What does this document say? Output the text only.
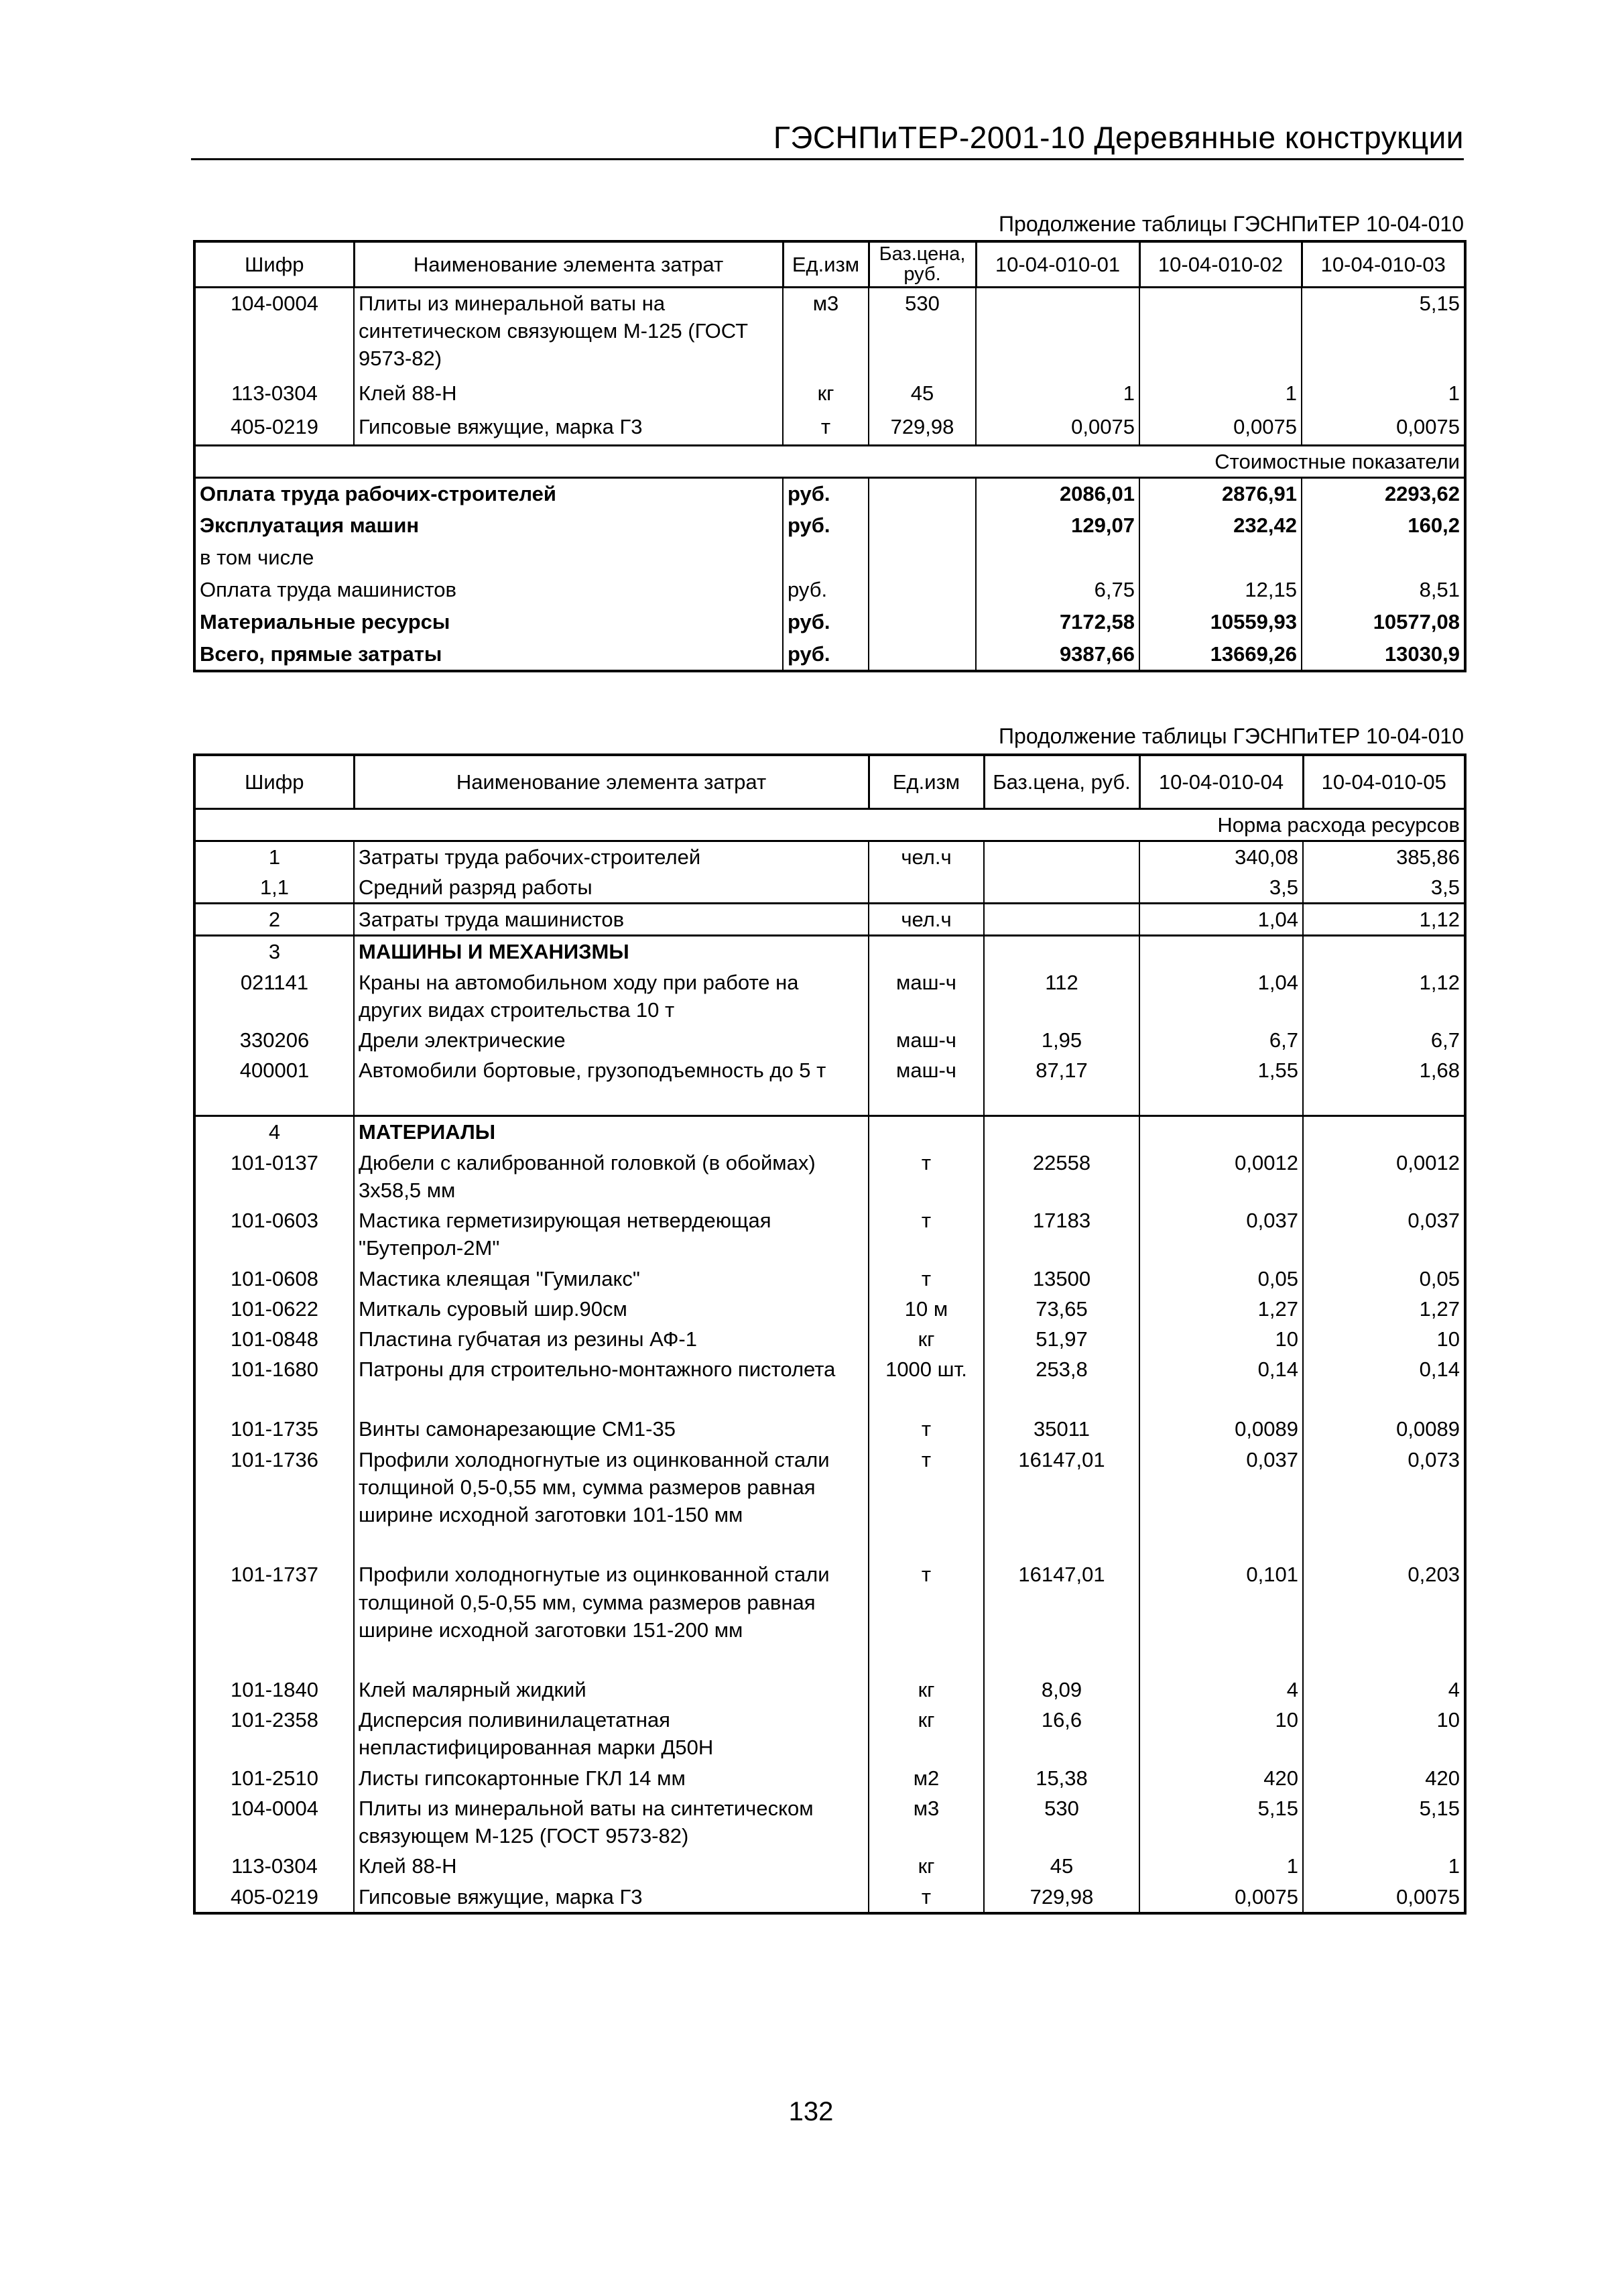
ГЭСНПиТЕР-2001-10 Деревянные конструкции
Продолжение таблицы ГЭСНПиТЕР 10-04-010
Шифр	Наименование элемента затрат	Ед.изм	Баз.цена, руб.	10-04-010-01	10-04-010-02	10-04-010-03
104-0004	Плиты из минеральной ваты на синтетическом связующем М-125 (ГОСТ 9573-82)	м3	530			5,15
113-0304	Клей 88-Н	кг	45	1	1	1
405-0219	Гипсовые вяжущие, марка Г3	т	729,98	0,0075	0,0075	0,0075
				Стоимостные показатели		
Оплата труда рабочих-строителей		руб.		2086,01	2876,91	2293,62
Эксплуатация машин		руб.		129,07	232,42	160,2
в том числе						
Оплата труда машинистов		руб.		6,75	12,15	8,51
Материальные ресурсы		руб.		7172,58	10559,93	10577,08
Всего, прямые затраты		руб.		9387,66	13669,26	13030,9
Продолжение таблицы ГЭСНПиТЕР 10-04-010
Шифр	Наименование элемента затрат	Ед.изм	Баз.цена, руб.	10-04-010-04	10-04-010-05
				Норма расхода ресурсов	
1	Затраты труда рабочих-строителей	чел.ч		340,08	385,86
1,1	Средний разряд работы			3,5	3,5
2	Затраты труда машинистов	чел.ч		1,04	1,12
3	МАШИНЫ И МЕХАНИЗМЫ				
021141	Краны на автомобильном ходу при работе на других видах строительства 10 т	маш-ч	112	1,04	1,12
330206	Дрели электрические	маш-ч	1,95	6,7	6,7
400001	Автомобили бортовые, грузоподъемность до 5 т	маш-ч	87,17	1,55	1,68

4	МАТЕРИАЛЫ				
101-0137	Дюбели с калиброванной головкой (в обоймах) 3x58,5 мм	т	22558	0,0012	0,0012
101-0603	Мастика герметизирующая нетвердеющая "Бутепрол-2М"	т	17183	0,037	0,037
101-0608	Мастика клеящая "Гумилакс"	т	13500	0,05	0,05
101-0622	Миткаль суровый шир.90см	10 м	73,65	1,27	1,27
101-0848	Пластина губчатая из резины АФ-1	кг	51,97	10	10
101-1680	Патроны для строительно-монтажного пистолета	1000 шт.	253,8	0,14	0,14

101-1735	Винты самонарезающие СМ1-35	т	35011	0,0089	0,0089
101-1736	Профили холодногнутые из оцинкованной стали толщиной 0,5-0,55 мм, сумма размеров равная ширине исходной заготовки 101-150 мм	т	16147,01	0,037	0,073

101-1737	Профили холодногнутые из оцинкованной стали толщиной 0,5-0,55 мм, сумма размеров равная ширине исходной заготовки 151-200 мм	т	16147,01	0,101	0,203

101-1840	Клей малярный жидкий	кг	8,09	4	4
101-2358	Дисперсия поливинилацетатная непластифицированная марки Д50Н	кг	16,6	10	10
101-2510	Листы гипсокартонные ГКЛ 14 мм	м2	15,38	420	420
104-0004	Плиты из минеральной ваты на синтетическом связующем М-125 (ГОСТ 9573-82)	м3	530	5,15	5,15
113-0304	Клей 88-Н	кг	45	1	1
405-0219	Гипсовые вяжущие, марка Г3	т	729,98	0,0075	0,0075
132
